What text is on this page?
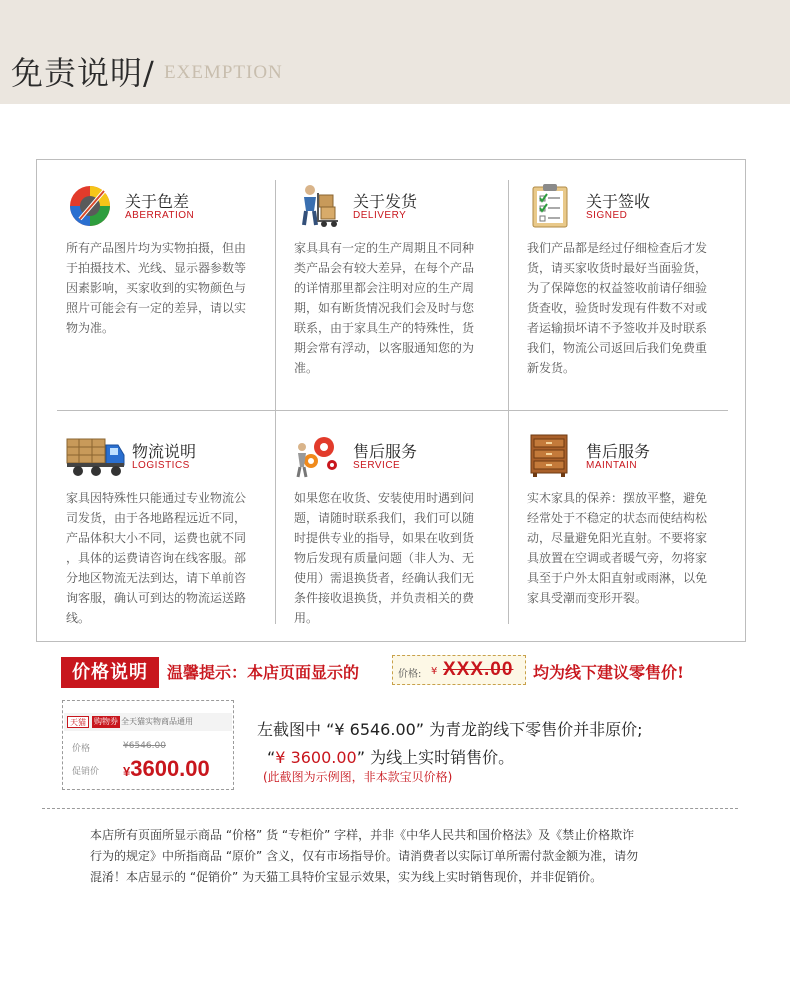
免责说明/ EXEMPTION
关于色差
ABERRATION
所有产品图片均为实物拍摄，但由
于拍摄技术、光线、显示器参数等
因素影响，买家收到的实物颜色与
照片可能会有一定的差异，请以实
物为准。
关于发货
DELIVERY
家具具有一定的生产周期且不同种
类产品会有较大差异，在每个产品
的详情那里都会注明对应的生产周
期，如有断货情况我们会及时与您
联系，由于家具生产的特殊性，货
期会常有浮动，以客服通知您的为
准。
关于签收
SIGNED
我们产品都是经过仔细检查后才发
货，请买家收货时最好当面验货，
为了保障您的权益签收前请仔细验
货查收，验货时发现有件数不对或
者运输损坏请不予签收并及时联系
我们，物流公司返回后我们免费重
新发货。
物流说明
LOGISTICS
家具因特殊性只能通过专业物流公
司发货，由于各地路程远近不同，
产品体积大小不同，运费也就不同
，具体的运费请咨询在线客服。部
分地区物流无法到达，请下单前咨
询客服，确认可到达的物流运送路
线。
售后服务
SERVICE
如果您在收货、安装使用时遇到问
题，请随时联系我们，我们可以随
时提供专业的指导，如果在收到货
物后发现有质量问题（非人为、无
使用）需退换货者，经确认我们无
条件接收退换货，并负责相关的费
用。
售后服务
MAINTAIN
实木家具的保养：摆放平整，避免
经常处于不稳定的状态而使结构松
动，尽量避免阳光直射。不要将家
具放置在空调或者暖气旁，勿将家
具至于户外太阳直射或雨淋，以免
家具受潮而变形开裂。
价格说明	温馨提示：本店页面显示的	价格: ¥ XXX.00 均为线下建议零售价!
天猫	购物券 全天猫实物商品通用
价格	¥6546.00
促销价 ¥3600.00
左截图中 “¥ 6546.00” 为青龙韵线下零售价并非原价;
“¥ 3600.00” 为线上实时销售价。
(此截图为示例图，非本款宝贝价格)
本店所有页面所显示商品 “价格” 货 “专柜价” 字样，并非《中华人民共和国价格法》及《禁止价格欺诈
行为的规定》中所指商品 “原价” 含义，仅有市场指导价。请消费者以实际订单所需付款金额为准，请勿
混淆！本店显示的 “促销价” 为天猫工具特价宝显示效果，实为线上实时销售现价，并非促销价。
